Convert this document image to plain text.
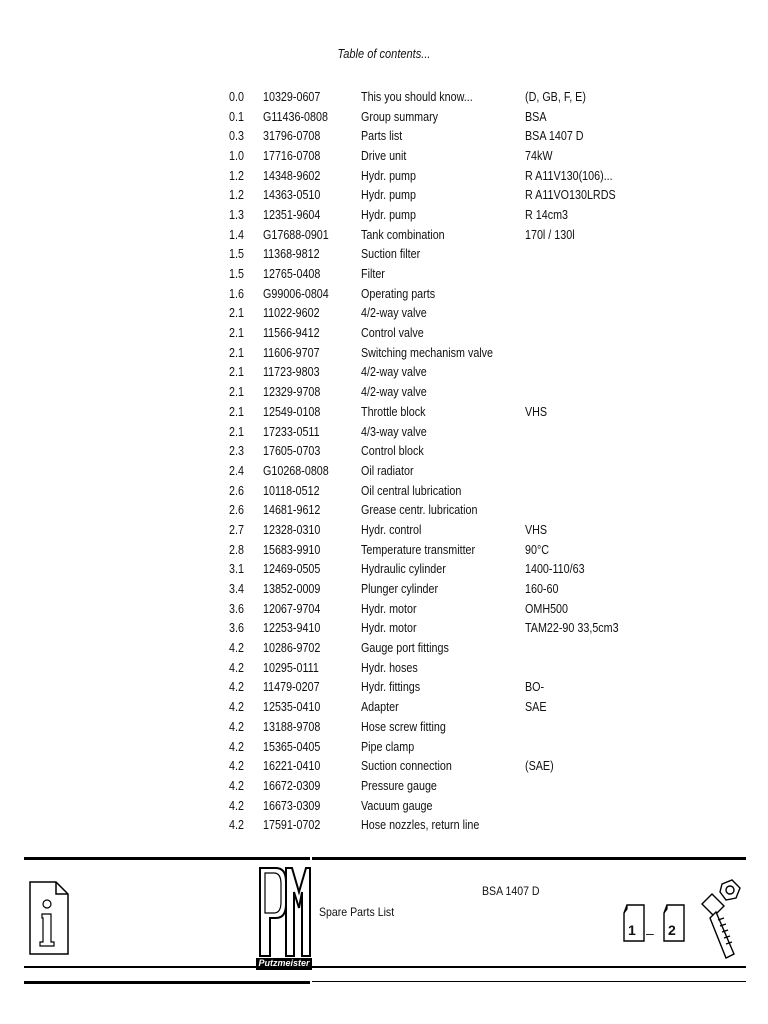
Table of contents...
0.0	10329-0607	This you should know...	(D, GB, F, E)
0.1	G11436-0808	Group summary	BSA
0.3	31796-0708	Parts list	BSA 1407 D
1.0	17716-0708	Drive unit	74kW
1.2	14348-9602	Hydr. pump	R A11V130(106)...
1.2	14363-0510	Hydr. pump	R A11VO130LRDS
1.3	12351-9604	Hydr. pump	R 14cm3
1.4	G17688-0901	Tank combination	170l / 130l
1.5	11368-9812	Suction filter
1.5	12765-0408	Filter
1.6	G99006-0804	Operating parts
2.1	11022-9602	4/2-way valve
2.1	11566-9412	Control valve
2.1	11606-9707	Switching mechanism valve
2.1	11723-9803	4/2-way valve
2.1	12329-9708	4/2-way valve
2.1	12549-0108	Throttle block	VHS
2.1	17233-0511	4/3-way valve
2.3	17605-0703	Control block
2.4	G10268-0808	Oil radiator
2.6	10118-0512	Oil central lubrication
2.6	14681-9612	Grease centr. lubrication
2.7	12328-0310	Hydr. control	VHS
2.8	15683-9910	Temperature transmitter	90°C
3.1	12469-0505	Hydraulic cylinder	1400-110/63
3.4	13852-0009	Plunger cylinder	160-60
3.6	12067-9704	Hydr. motor	OMH500
3.6	12253-9410	Hydr. motor	TAM22-90 33,5cm3
4.2	10286-9702	Gauge port fittings
4.2	10295-0111	Hydr. hoses
4.2	11479-0207	Hydr. fittings	BO-
4.2	12535-0410	Adapter	SAE
4.2	13188-9708	Hose screw fitting
4.2	15365-0405	Pipe clamp
4.2	16221-0410	Suction connection	(SAE)
4.2	16672-0309	Pressure gauge
4.2	16673-0309	Vacuum gauge
4.2	17591-0702	Hose nozzles, return line
Putzmeister
Spare Parts List
BSA 1407 D
1 – 2
